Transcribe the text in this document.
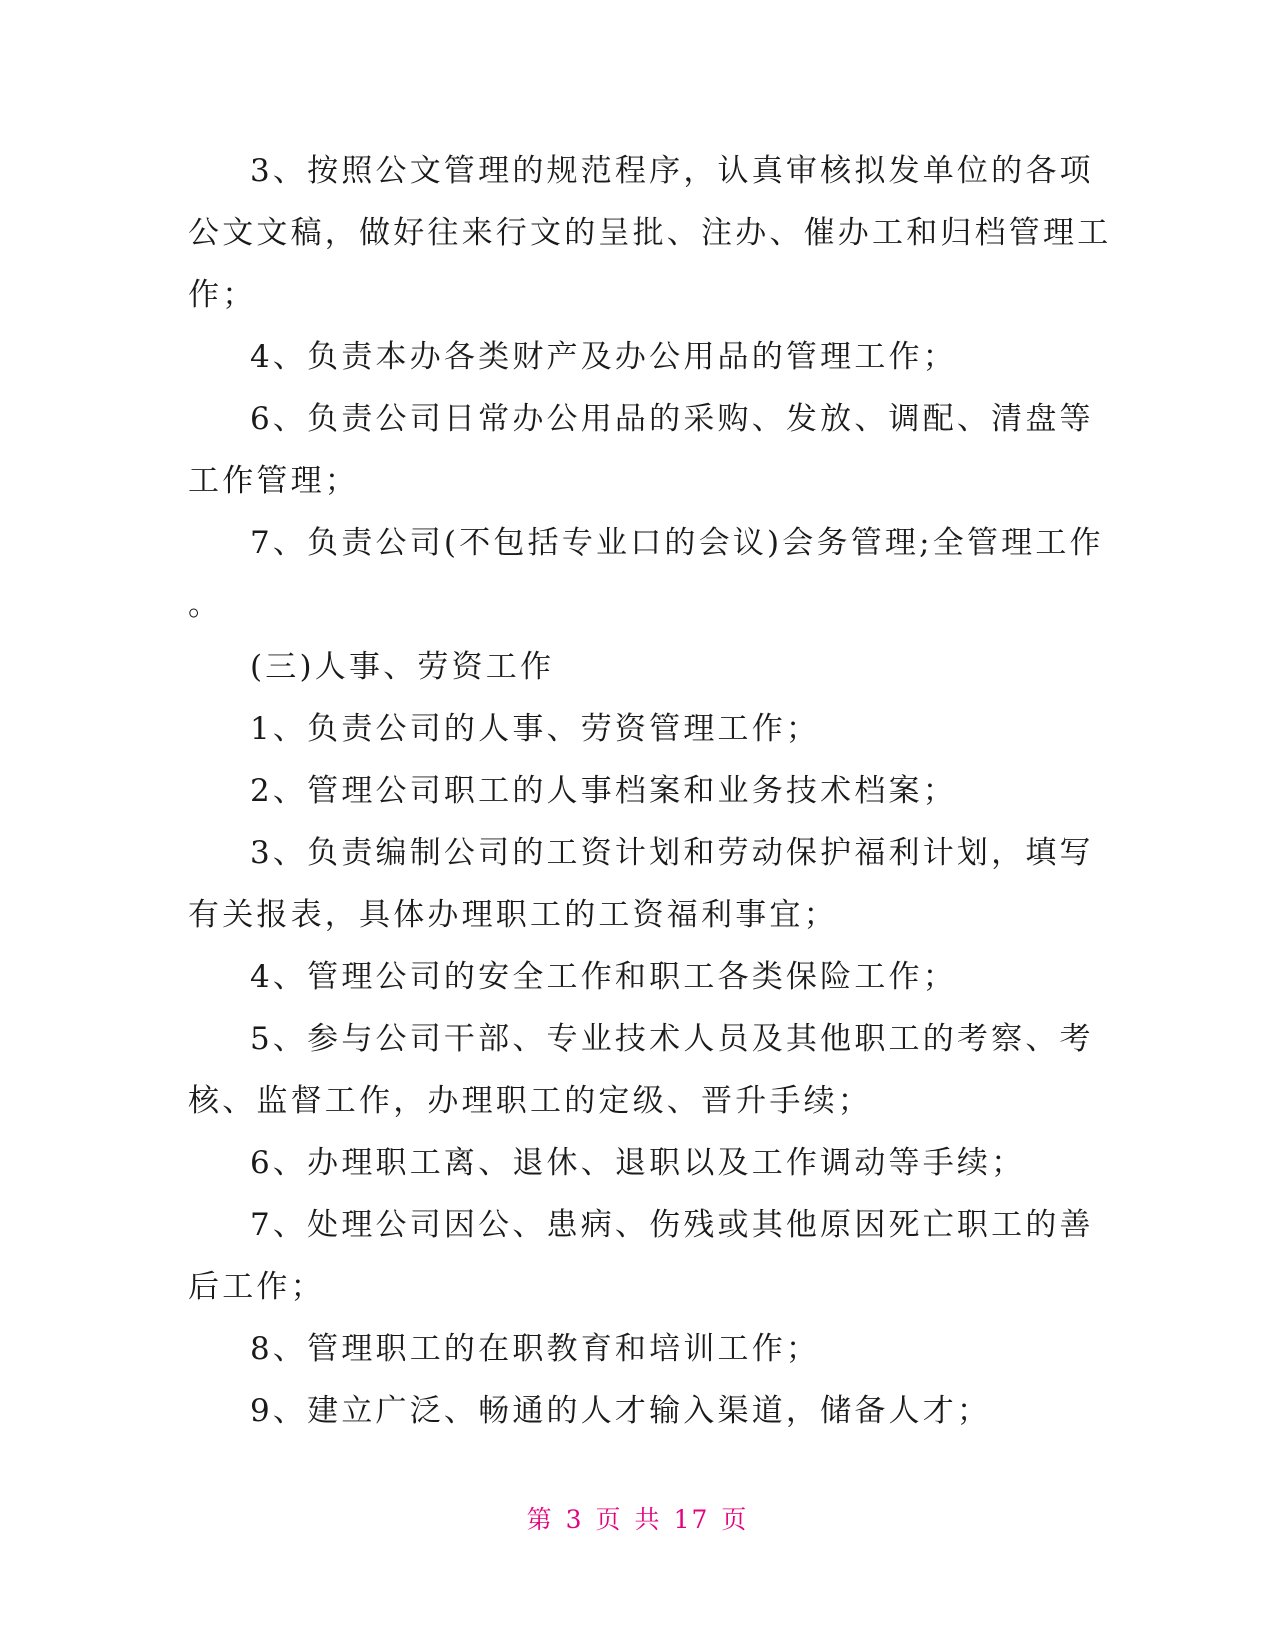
3、按照公文管理的规范程序，认真审核拟发单位的各项
公文文稿，做好往来行文的呈批、注办、催办工和归档管理工
作；
4、负责本办各类财产及办公用品的管理工作；
6、负责公司日常办公用品的采购、发放、调配、清盘等
工作管理；
7、负责公司(不包括专业口的会议)会务管理;全管理工作
。
(三)人事、劳资工作
1、负责公司的人事、劳资管理工作；
2、管理公司职工的人事档案和业务技术档案；
3、负责编制公司的工资计划和劳动保护福利计划，填写
有关报表，具体办理职工的工资福利事宜；
4、管理公司的安全工作和职工各类保险工作；
5、参与公司干部、专业技术人员及其他职工的考察、考
核、监督工作，办理职工的定级、晋升手续；
6、办理职工离、退休、退职以及工作调动等手续；
7、处理公司因公、患病、伤残或其他原因死亡职工的善
后工作；
8、管理职工的在职教育和培训工作；
9、建立广泛、畅通的人才输入渠道，储备人才；
第 3 页 共 17 页
